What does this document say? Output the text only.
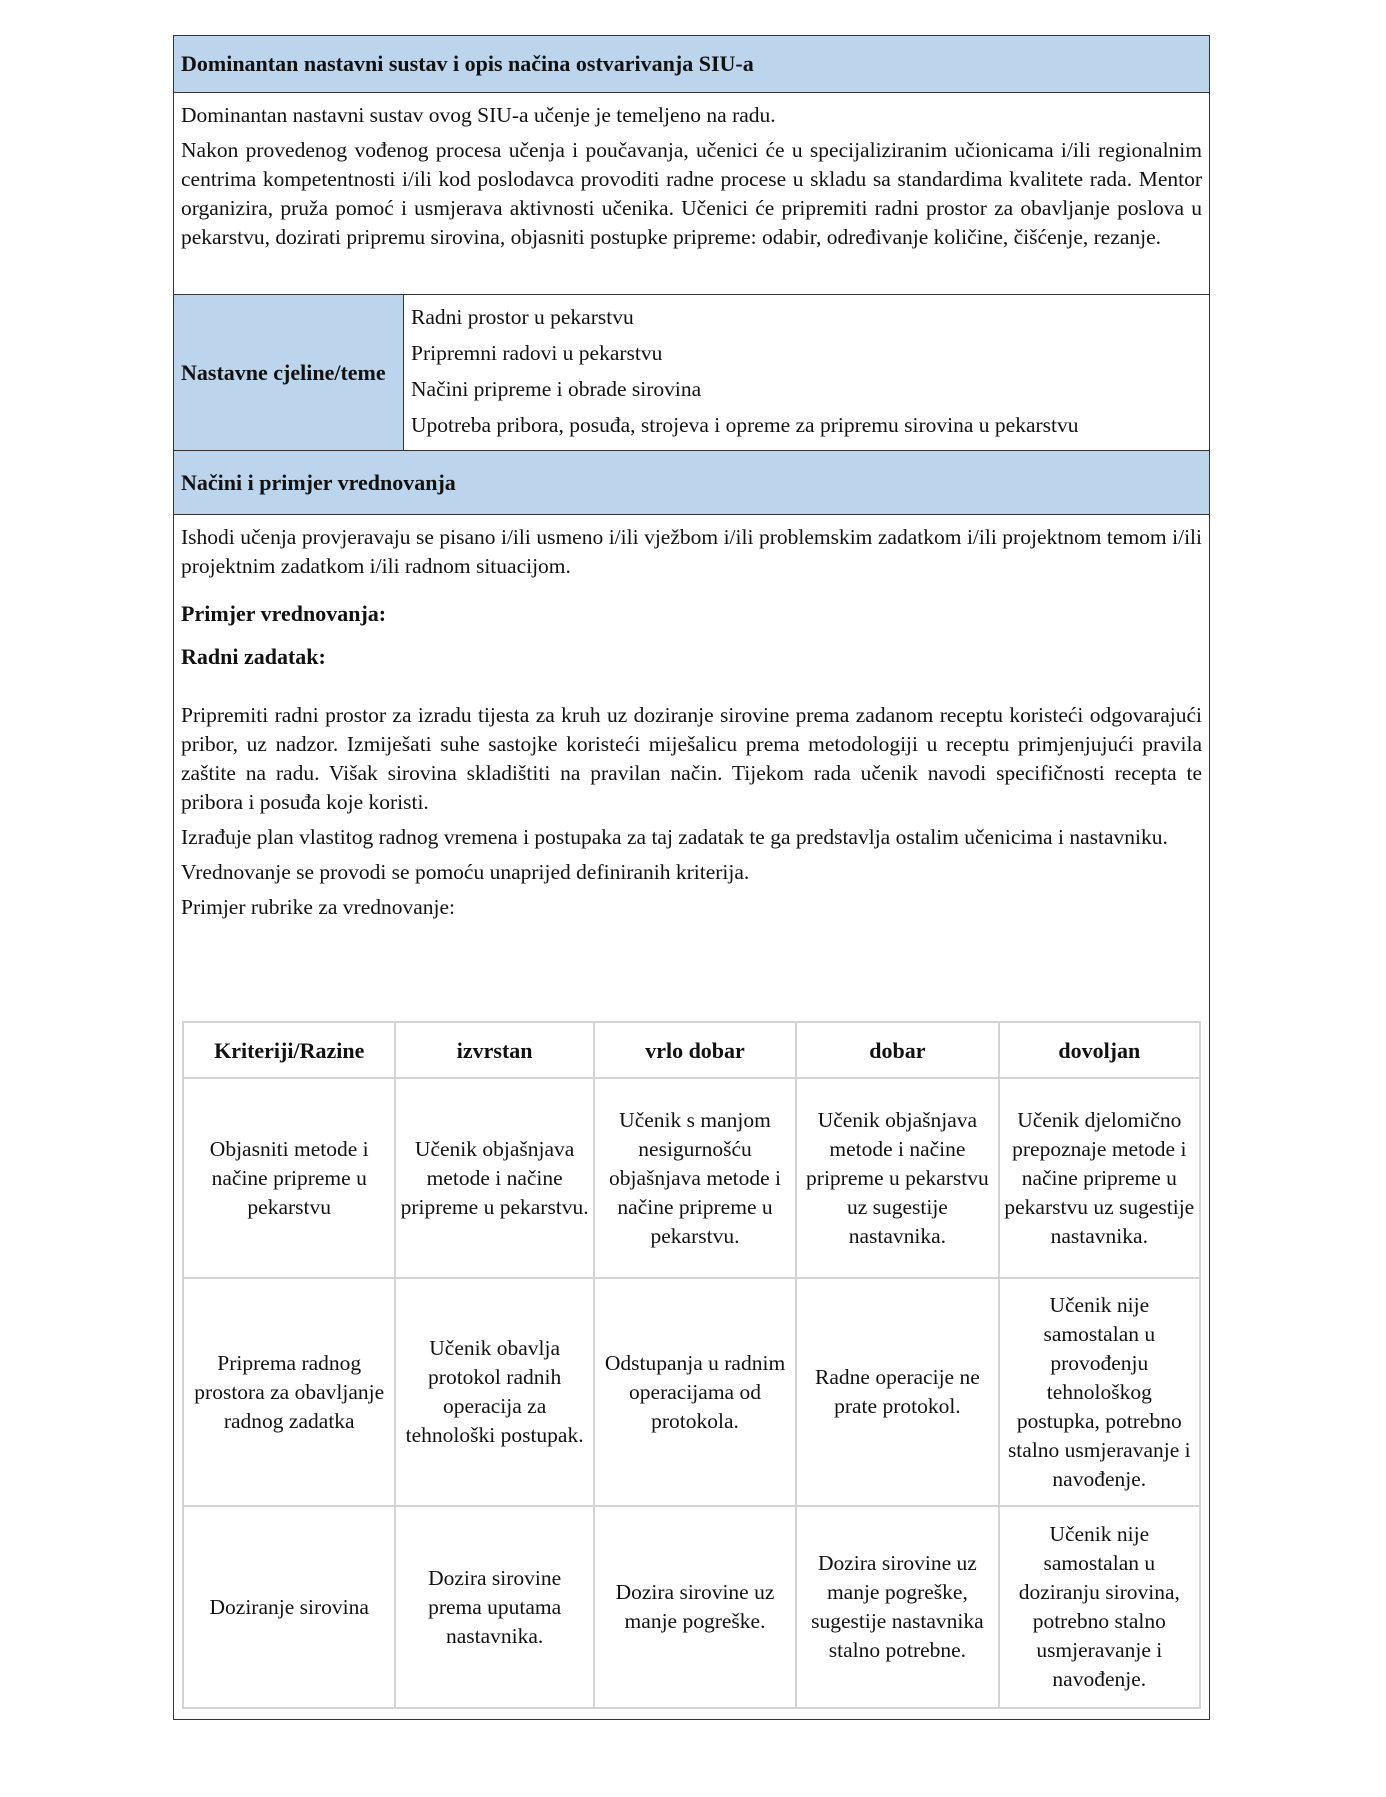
Dominantan nastavni sustav i opis načina ostvarivanja SIU-a

Dominantan nastavni sustav ovog SIU-a učenje je temeljeno na radu.

Nakon provedenog vođenog procesa učenja i poučavanja, učenici će u specijaliziranim učionicama i/ili regionalnim centrima kompetentnosti i/ili kod poslodavca provoditi radne procese u skladu sa standardima kvalitete rada. Mentor organizira, pruža pomoć i usmjerava aktivnosti učenika. Učenici će pripremiti radni prostor za obavljanje poslova u pekarstvu, dozirati pripremu sirovina, objasniti postupke pripreme: odabir, određivanje količine, čišćenje, rezanje.

Nastavne cjeline/teme
Radni prostor u pekarstvu
Pripremni radovi u pekarstvu
Načini pripreme i obrade sirovina
Upotreba pribora, posuđa, strojeva i opreme za pripremu sirovina u pekarstvu
Načini i primjer vrednovanja

Ishodi učenja provjeravaju se pisano i/ili usmeno i/ili vježbom i/ili problemskim zadatkom i/ili projektnom temom i/ili projektnim zadatkom i/ili radnom situacijom.

Primjer vrednovanja:

Radni zadatak:

Pripremiti radni prostor za izradu tijesta za kruh uz doziranje sirovine prema zadanom receptu koristeći odgovarajući pribor, uz nadzor. Izmiješati suhe sastojke koristeći miješalicu prema metodologiji u receptu primjenjujući pravila zaštite na radu. Višak sirovina skladištiti na pravilan način. Tijekom rada učenik navodi specifičnosti recepta te pribora i posuđa koje koristi.

Izrađuje plan vlastitog radnog vremena i postupaka za taj zadatak te ga predstavlja ostalim učenicima i nastavniku.

Vrednovanje se provodi se pomoću unaprijed definiranih kriterija.

Primjer rubrike za vrednovanje:

Kriteriji/Razine	izvrstan	vrlo dobar	dobar	dovoljan
Objasniti metode i načine pripreme u pekarstvu	Učenik objašnjava metode i načine pripreme u pekarstvu.	Učenik s manjom nesigurnošću objašnjava metode i načine pripreme u pekarstvu.	Učenik objašnjava metode i načine pripreme u pekarstvu uz sugestije nastavnika.	Učenik djelomično prepoznaje metode i načine pripreme u pekarstvu uz sugestije nastavnika.
Priprema radnog prostora za obavljanje radnog zadatka	Učenik obavlja protokol radnih operacija za tehnološki postupak.	Odstupanja u radnim operacijama od protokola.	Radne operacije ne prate protokol.	Učenik nije samostalan u provođenju tehnološkog postupka, potrebno stalno usmjeravanje i navođenje.
Doziranje sirovina	Dozira sirovine prema uputama nastavnika.	Dozira sirovine uz manje pogreške.	Dozira sirovine uz manje pogreške, sugestije nastavnika stalno potrebne.	Učenik nije samostalan u doziranju sirovina, potrebno stalno usmjeravanje i navođenje.
